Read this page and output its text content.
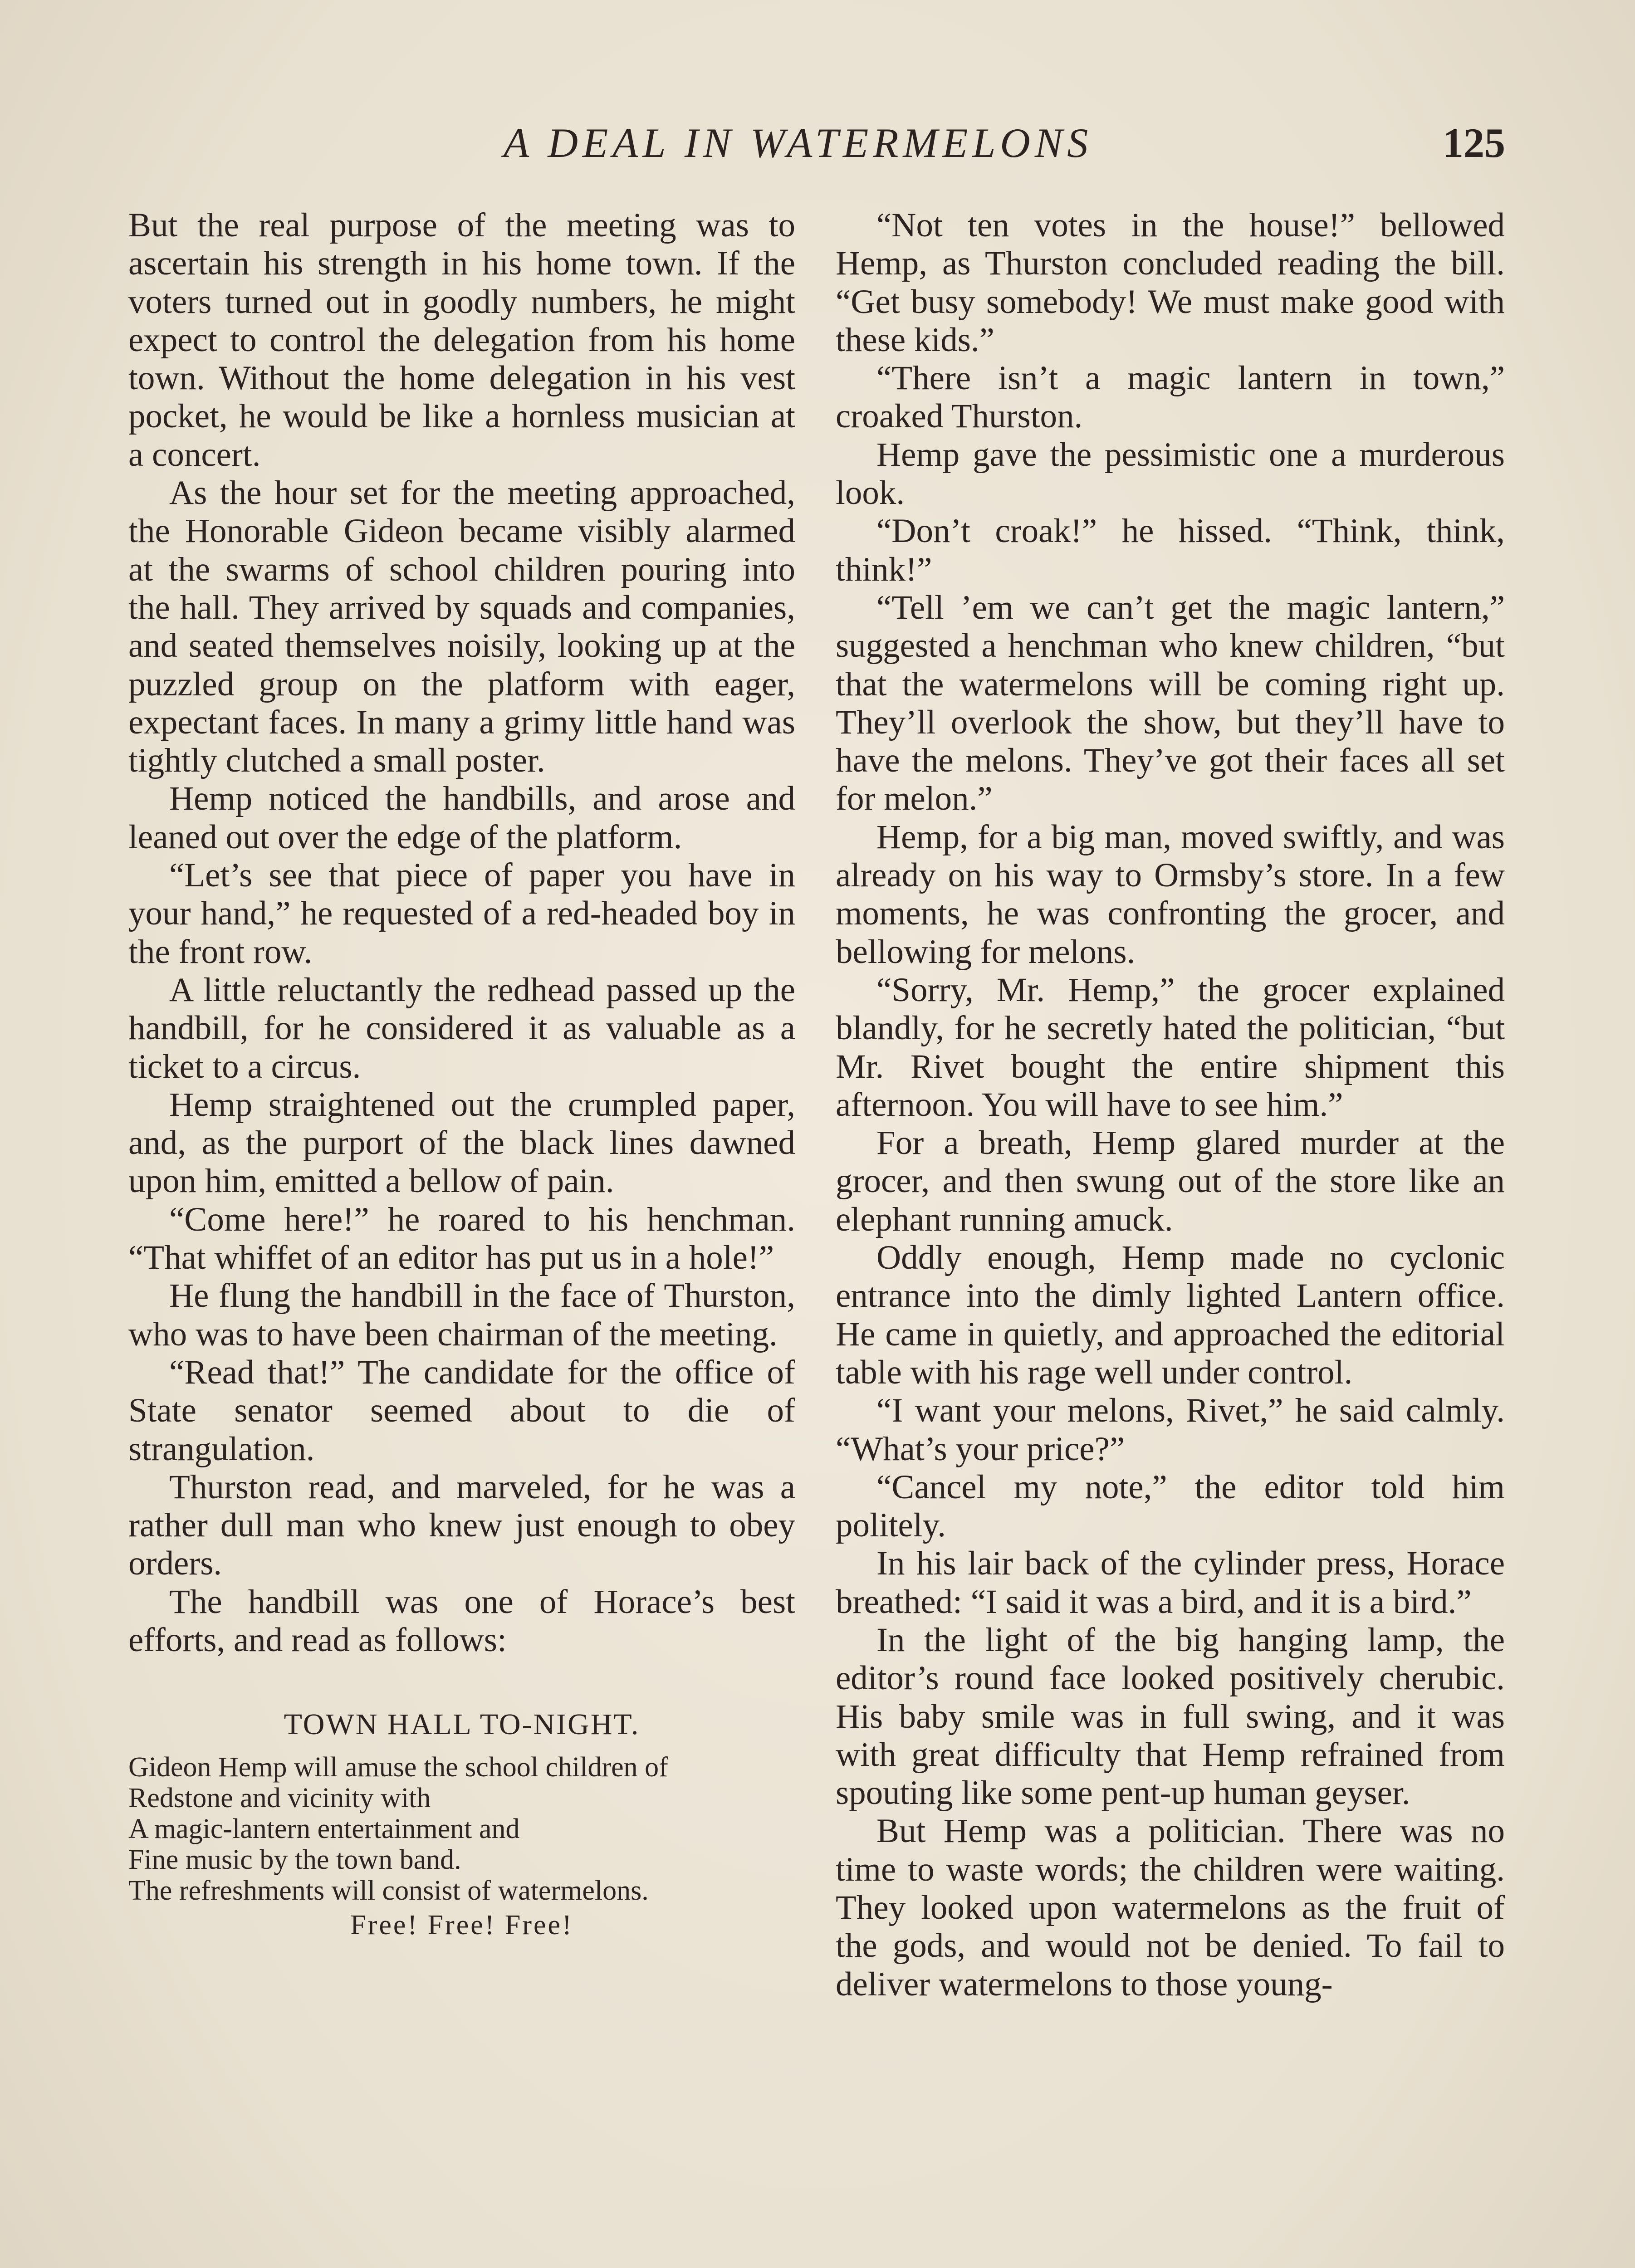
A DEAL IN WATERMELONS	125

But the real purpose of the meeting was to ascertain his strength in his home town. If the voters turned out in goodly numbers, he might expect to control the delegation from his home town. Without the home delegation in his vest pocket, he would be like a hornless musician at a concert.

As the hour set for the meeting approached, the Honorable Gideon became visibly alarmed at the swarms of school children pouring into the hall. They arrived by squads and companies, and seated themselves noisily, looking up at the puzzled group on the platform with eager, expectant faces. In many a grimy little hand was tightly clutched a small poster.

Hemp noticed the handbills, and arose and leaned out over the edge of the platform.

“Let’s see that piece of paper you have in your hand,” he requested of a red-headed boy in the front row.

A little reluctantly the redhead passed up the handbill, for he considered it as valuable as a ticket to a circus.

Hemp straightened out the crumpled paper, and, as the purport of the black lines dawned upon him, emitted a bellow of pain.

“Come here!” he roared to his henchman. “That whiffet of an editor has put us in a hole!”

He flung the handbill in the face of Thurston, who was to have been chairman of the meeting.

“Read that!” The candidate for the office of State senator seemed about to die of strangulation.

Thurston read, and marveled, for he was a rather dull man who knew just enough to obey orders.

The handbill was one of Horace’s best efforts, and read as follows:

TOWN HALL TO-NIGHT.
Gideon Hemp will amuse the school children of
Redstone and vicinity with
A magic-lantern entertainment and
Fine music by the town band.
The refreshments will consist of watermelons.
Free! Free! Free!

“Not ten votes in the house!” bellowed Hemp, as Thurston concluded reading the bill. “Get busy somebody! We must make good with these kids.”

“There isn’t a magic lantern in town,” croaked Thurston.

Hemp gave the pessimistic one a murderous look.

“Don’t croak!” he hissed. “Think, think, think!”

“Tell ’em we can’t get the magic lantern,” suggested a henchman who knew children, “but that the watermelons will be coming right up. They’ll overlook the show, but they’ll have to have the melons. They’ve got their faces all set for melon.”

Hemp, for a big man, moved swiftly, and was already on his way to Ormsby’s store. In a few moments, he was confronting the grocer, and bellowing for melons.

“Sorry, Mr. Hemp,” the grocer explained blandly, for he secretly hated the politician, “but Mr. Rivet bought the entire shipment this afternoon. You will have to see him.”

For a breath, Hemp glared murder at the grocer, and then swung out of the store like an elephant running amuck.

Oddly enough, Hemp made no cyclonic entrance into the dimly lighted Lantern office. He came in quietly, and approached the editorial table with his rage well under control.

“I want your melons, Rivet,” he said calmly. “What’s your price?”

“Cancel my note,” the editor told him politely.

In his lair back of the cylinder press, Horace breathed: “I said it was a bird, and it is a bird.”

In the light of the big hanging lamp, the editor’s round face looked positively cherubic. His baby smile was in full swing, and it was with great difficulty that Hemp refrained from spouting like some pent-up human geyser.

But Hemp was a politician. There was no time to waste words; the children were waiting. They looked upon watermelons as the fruit of the gods, and would not be denied. To fail to deliver watermelons to those young-
